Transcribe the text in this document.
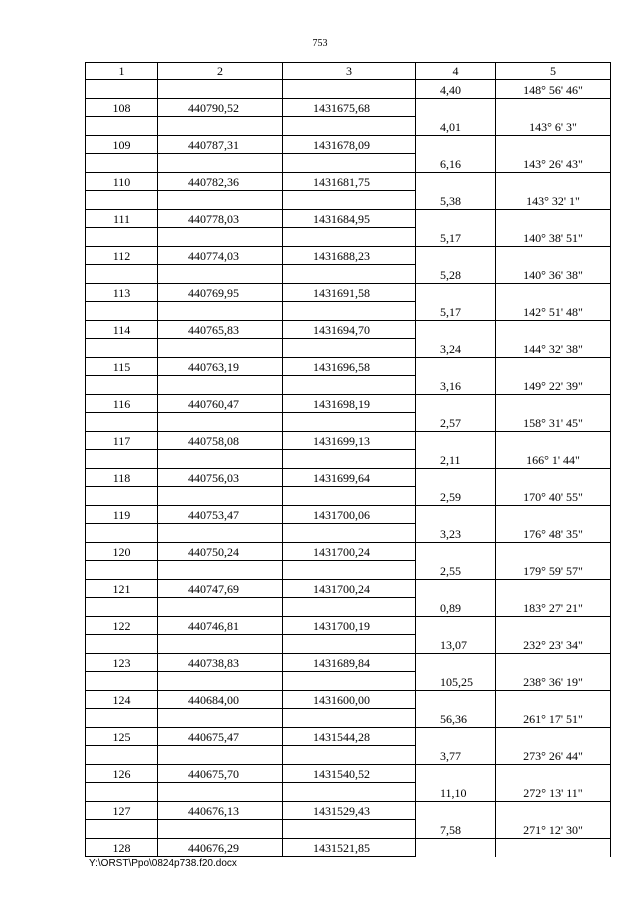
753
1	2	3	4	5
			4,40	148° 56' 46"
108	440790,52	1431675,68		
			4,01	143° 6' 3"
109	440787,31	1431678,09		
			6,16	143° 26' 43"
110	440782,36	1431681,75		
			5,38	143° 32' 1"
111	440778,03	1431684,95		
			5,17	140° 38' 51"
112	440774,03	1431688,23		
			5,28	140° 36' 38"
113	440769,95	1431691,58		
			5,17	142° 51' 48"
114	440765,83	1431694,70		
			3,24	144° 32' 38"
115	440763,19	1431696,58		
			3,16	149° 22' 39"
116	440760,47	1431698,19		
			2,57	158° 31' 45"
117	440758,08	1431699,13		
			2,11	166° 1' 44"
118	440756,03	1431699,64		
			2,59	170° 40' 55"
119	440753,47	1431700,06		
			3,23	176° 48' 35"
120	440750,24	1431700,24		
			2,55	179° 59' 57"
121	440747,69	1431700,24		
			0,89	183° 27' 21"
122	440746,81	1431700,19		
			13,07	232° 23' 34"
123	440738,83	1431689,84		
			105,25	238° 36' 19"
124	440684,00	1431600,00		
			56,36	261° 17' 51"
125	440675,47	1431544,28		
			3,77	273° 26' 44"
126	440675,70	1431540,52		
			11,10	272° 13' 11"
127	440676,13	1431529,43		
			7,58	271° 12' 30"
128	440676,29	1431521,85		
Y:\ORST\Ppo\0824p738.f20.docx
